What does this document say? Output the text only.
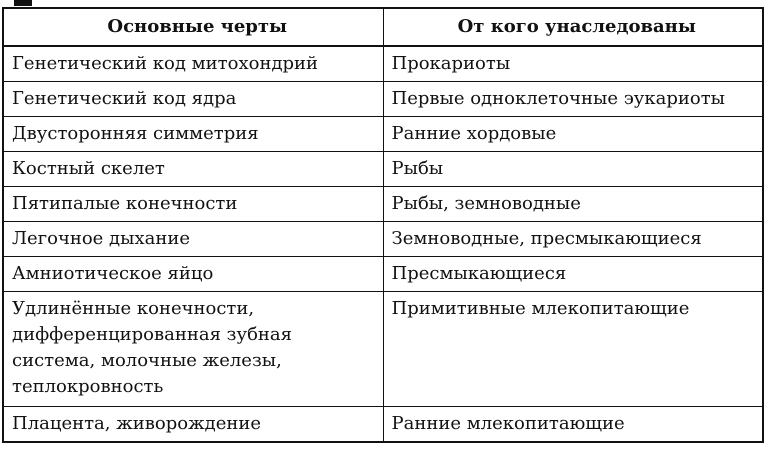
Основные черты	От кого унаследованы
Генетический код митохондрий	Прокариоты
Генетический код ядра	Первые одноклеточные эукариоты
Двусторонняя симметрия	Ранние хордовые
Костный скелет	Рыбы
Пятипалые конечности	Рыбы, земноводные
Легочное дыхание	Земноводные, пресмыкающиеся
Амниотическое яйцо	Пресмыкающиеся
Удлинённые конечности,
дифференцированная зубная
система, молочные железы,
теплокровность	Примитивные млекопитающие
Плацента, живорождение	Ранние млекопитающие
